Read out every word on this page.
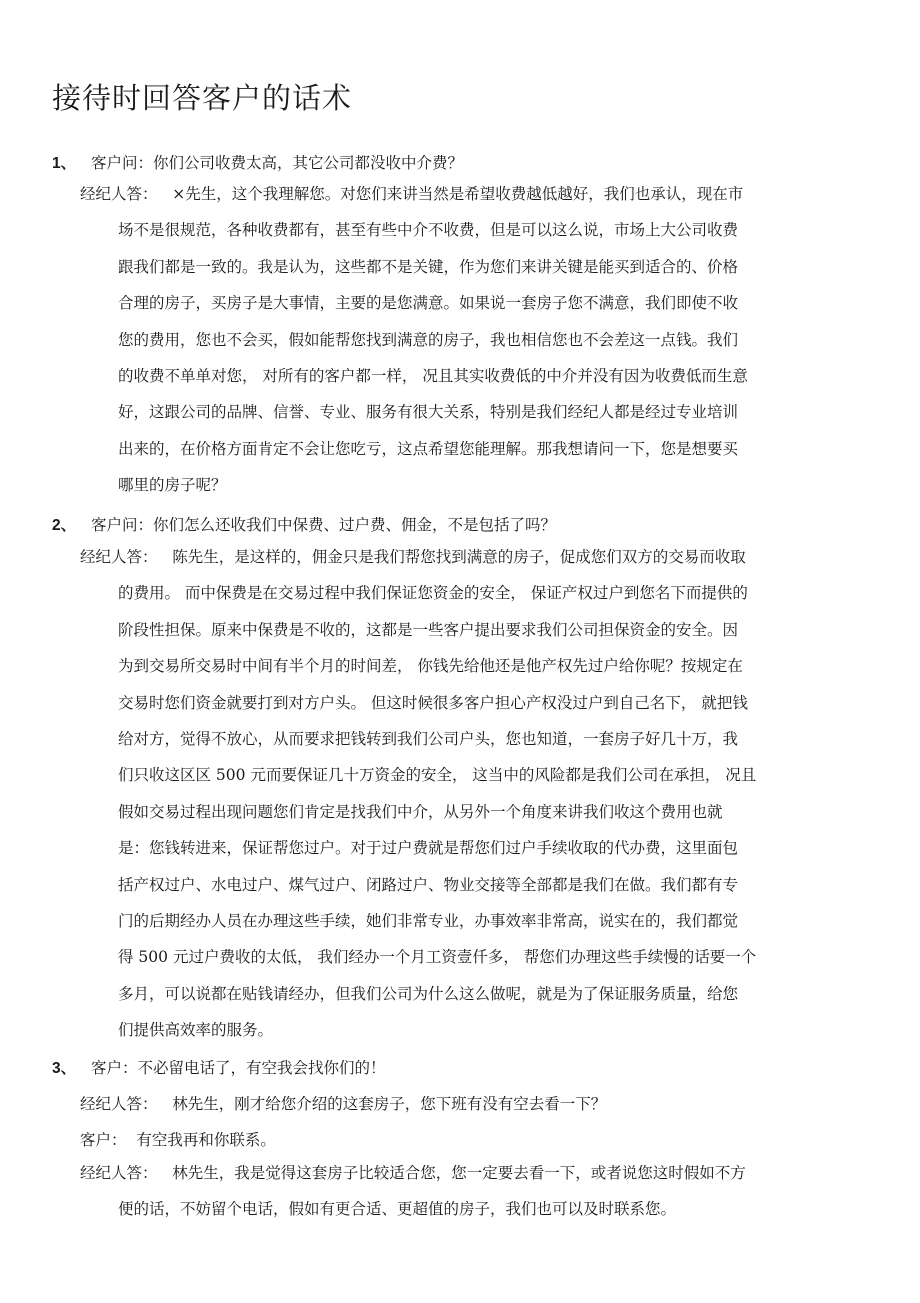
接待时回答客户的话术
1、 客户问：你们公司收费太高，其它公司都没收中介费？
经纪人答： ×先生，这个我理解您。对您们来讲当然是希望收费越低越好，我们也承认，现在市
场不是很规范，各种收费都有，甚至有些中介不收费，但是可以这么说，市场上大公司收费
跟我们都是一致的。我是认为，这些都不是关键，作为您们来讲关键是能买到适合的、价格
合理的房子，买房子是大事情，主要的是您满意。如果说一套房子您不满意，我们即使不收
您的费用，您也不会买，假如能帮您找到满意的房子，我也相信您也不会差这一点钱。我们
的收费不单单对您， 对所有的客户都一样， 况且其实收费低的中介并没有因为收费低而生意
好，这跟公司的品牌、信誉、专业、服务有很大关系，特别是我们经纪人都是经过专业培训
出来的，在价格方面肯定不会让您吃亏，这点希望您能理解。那我想请问一下，您是想要买
哪里的房子呢？
2、 客户问：你们怎么还收我们中保费、过户费、佣金，不是包括了吗？
经纪人答： 陈先生，是这样的，佣金只是我们帮您找到满意的房子，促成您们双方的交易而收取
的费用。 而中保费是在交易过程中我们保证您资金的安全， 保证产权过户到您名下而提供的
阶段性担保。原来中保费是不收的，这都是一些客户提出要求我们公司担保资金的安全。因
为到交易所交易时中间有半个月的时间差， 你钱先给他还是他产权先过户给你呢？按规定在
交易时您们资金就要打到对方户头。 但这时候很多客户担心产权没过户到自己名下， 就把钱
给对方，觉得不放心，从而要求把钱转到我们公司户头，您也知道，一套房子好几十万，我
们只收这区区 500 元而要保证几十万资金的安全， 这当中的风险都是我们公司在承担， 况且
假如交易过程出现问题您们肯定是找我们中介，从另外一个角度来讲我们收这个费用也就
是：您钱转进来，保证帮您过户。对于过户费就是帮您们过户手续收取的代办费，这里面包
括产权过户、水电过户、煤气过户、闭路过户、物业交接等全部都是我们在做。我们都有专
门的后期经办人员在办理这些手续，她们非常专业，办事效率非常高，说实在的，我们都觉
得 500 元过户费收的太低， 我们经办一个月工资壹仟多， 帮您们办理这些手续慢的话要一个
多月，可以说都在贴钱请经办，但我们公司为什么这么做呢，就是为了保证服务质量，给您
们提供高效率的服务。
3、 客户：不必留电话了，有空我会找你们的！
经纪人答： 林先生，刚才给您介绍的这套房子，您下班有没有空去看一下？
客户： 有空我再和你联系。
经纪人答： 林先生，我是觉得这套房子比较适合您，您一定要去看一下，或者说您这时假如不方
便的话，不妨留个电话，假如有更合适、更超值的房子，我们也可以及时联系您。
